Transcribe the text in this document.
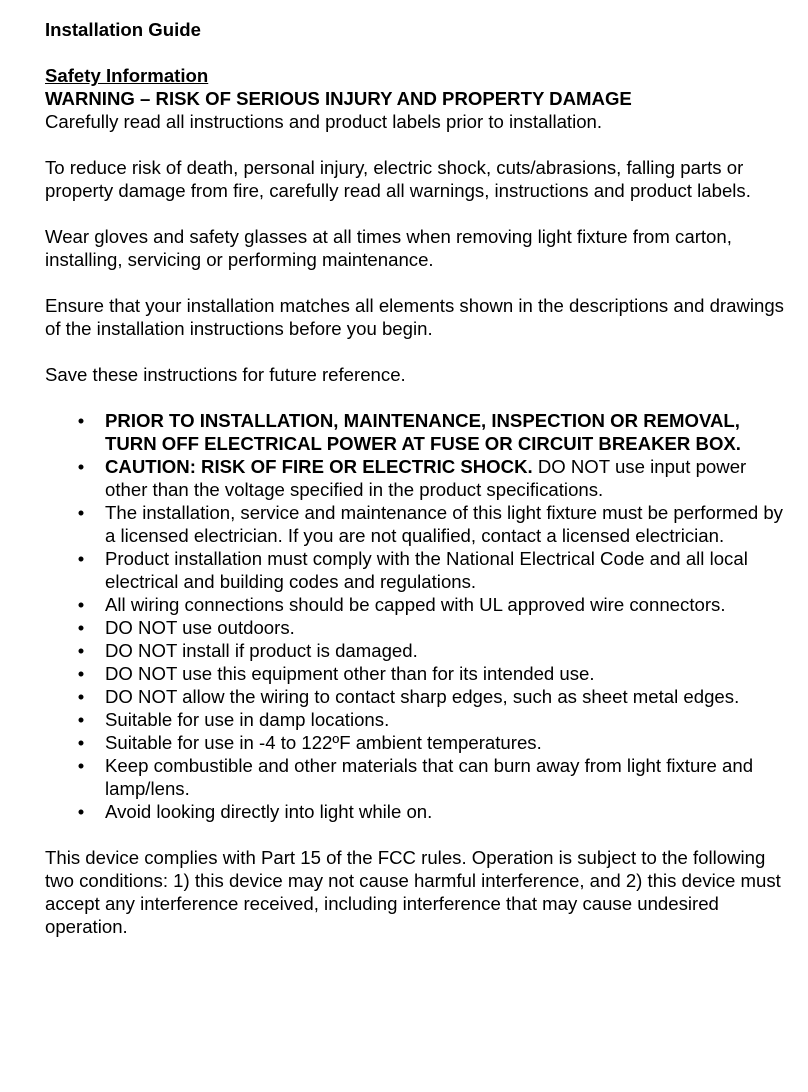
Installation Guide
Safety Information
WARNING – RISK OF SERIOUS INJURY AND PROPERTY DAMAGE

Carefully read all instructions and product labels prior to installation.

To reduce risk of death, personal injury, electric shock, cuts/abrasions, falling parts or property damage from fire, carefully read all warnings, instructions and product labels.

Wear gloves and safety glasses at all times when removing light fixture from carton, installing, servicing or performing maintenance.

Ensure that your installation matches all elements shown in the descriptions and drawings of the installation instructions before you begin.

Save these instructions for future reference.

• PRIOR TO INSTALLATION, MAINTENANCE, INSPECTION OR REMOVAL, TURN OFF ELECTRICAL POWER AT FUSE OR CIRCUIT BREAKER BOX.
• CAUTION: RISK OF FIRE OR ELECTRIC SHOCK. DO NOT use input power other than the voltage specified in the product specifications.
• The installation, service and maintenance of this light fixture must be performed by a licensed electrician. If you are not qualified, contact a licensed electrician.
• Product installation must comply with the National Electrical Code and all local electrical and building codes and regulations.
• All wiring connections should be capped with UL approved wire connectors.
• DO NOT use outdoors.
• DO NOT install if product is damaged.
• DO NOT use this equipment other than for its intended use.
• DO NOT allow the wiring to contact sharp edges, such as sheet metal edges.
• Suitable for use in damp locations.
• Suitable for use in -4 to 122ºF ambient temperatures.
• Keep combustible and other materials that can burn away from light fixture and lamp/lens.
• Avoid looking directly into light while on.

This device complies with Part 15 of the FCC rules. Operation is subject to the following two conditions: 1) this device may not cause harmful interference, and 2) this device must accept any interference received, including interference that may cause undesired operation.
